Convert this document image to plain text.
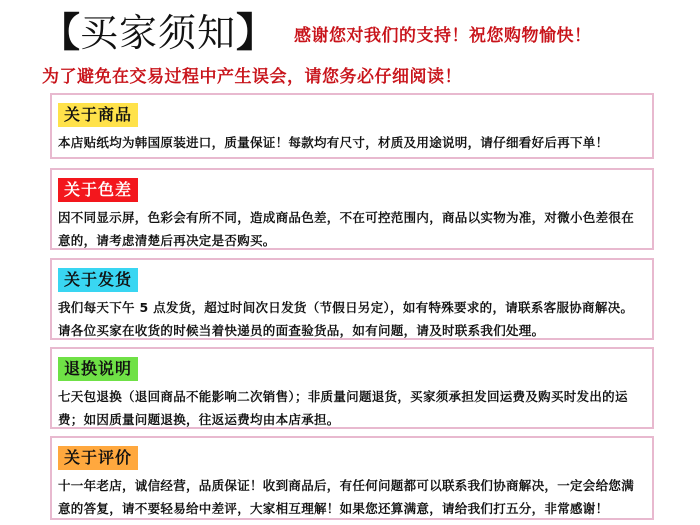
【 买家须知 】 感谢您对我们的支持！祝您购物愉快！
为了避免在交易过程中产生误会，请您务必仔细阅读！
关于商品
本店贴纸均为韩国原装进口，质量保证！每款均有尺寸，材质及用途说明，请仔细看好后再下单！
关于色差
因不同显示屏，色彩会有所不同，造成商品色差，不在可控范围内，商品以实物为准，对微小色差很在
意的，请考虑清楚后再决定是否购买。
关于发货
我们每天下午 5 点发货，超过时间次日发货（节假日另定），如有特殊要求的，请联系客服协商解决。
请各位买家在收货的时候当着快递员的面查验货品，如有问题，请及时联系我们处理。
退换说明
七天包退换（退回商品不能影响二次销售）；非质量问题退货，买家须承担发回运费及购买时发出的运
费；如因质量问题退换，往返运费均由本店承担。
关于评价
十一年老店，诚信经营，品质保证！收到商品后，有任何问题都可以联系我们协商解决，一定会给您满
意的答复，请不要轻易给中差评，大家相互理解！如果您还算满意，请给我们打五分，非常感谢！
